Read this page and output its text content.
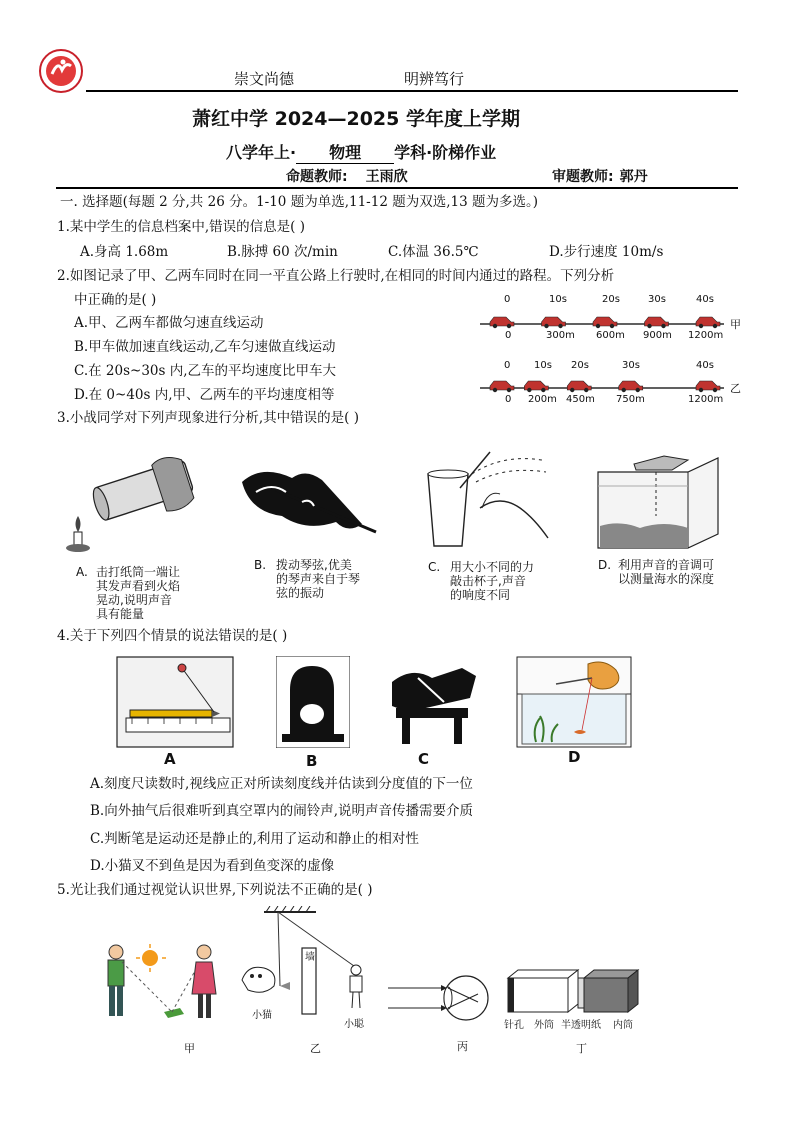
崇文尚德	明辨笃行
萧红中学 2024—2025 学年度上学期
八学年上· 物理 学科·阶梯作业
命题教师: 王雨欣	审题教师: 郭丹
一. 选择题(每题 2 分,共 26 分。1-10 题为单选,11-12 题为双选,13 题为多选。)
1.某中学生的信息档案中,错误的信息是( )
A.身高 1.68m	B.脉搏 60 次/min	C.体温 36.5℃	D.步行速度 10m/s
2.如图记录了甲、乙两车同时在同一平直公路上行驶时,在相同的时间内通过的路程。下列分析
中正确的是( )
A.甲、乙两车都做匀速直线运动
B.甲车做加速直线运动,乙车匀速做直线运动
C.在 20s~30s 内,乙车的平均速度比甲车大
D.在 0~40s 内,甲、乙两车的平均速度相等
甲
乙
0	10s	20s	30s	40s
0	300m 600m 900m 1200m
0 10s 20s	30s	40s
0 200m 450m 750m	1200m
3.小战同学对下列声现象进行分析,其中错误的是( )
A. 击打纸筒一端让
其发声看到火焰
晃动,说明声音
具有能量
B. 拨动琴弦,优美
的琴声来自于琴
弦的振动
C. 用大小不同的力
敲击杯子,声音
的响度不同
D. 利用声音的音调可
以测量海水的深度
4.关于下列四个情景的说法错误的是( )
A	B	C	D
A.刻度尺读数时,视线应正对所读刻度线并估读到分度值的下一位
B.向外抽气后很难听到真空罩内的闹铃声,说明声音传播需要介质
C.判断笔是运动还是静止的,利用了运动和静止的相对性
D.小猫叉不到鱼是因为看到鱼变深的虚像
5.光让我们通过视觉认识世界,下列说法不正确的是( )
墙
小猫
小聪	针孔 外筒 半透明纸 内筒
甲	乙	丙	丁
